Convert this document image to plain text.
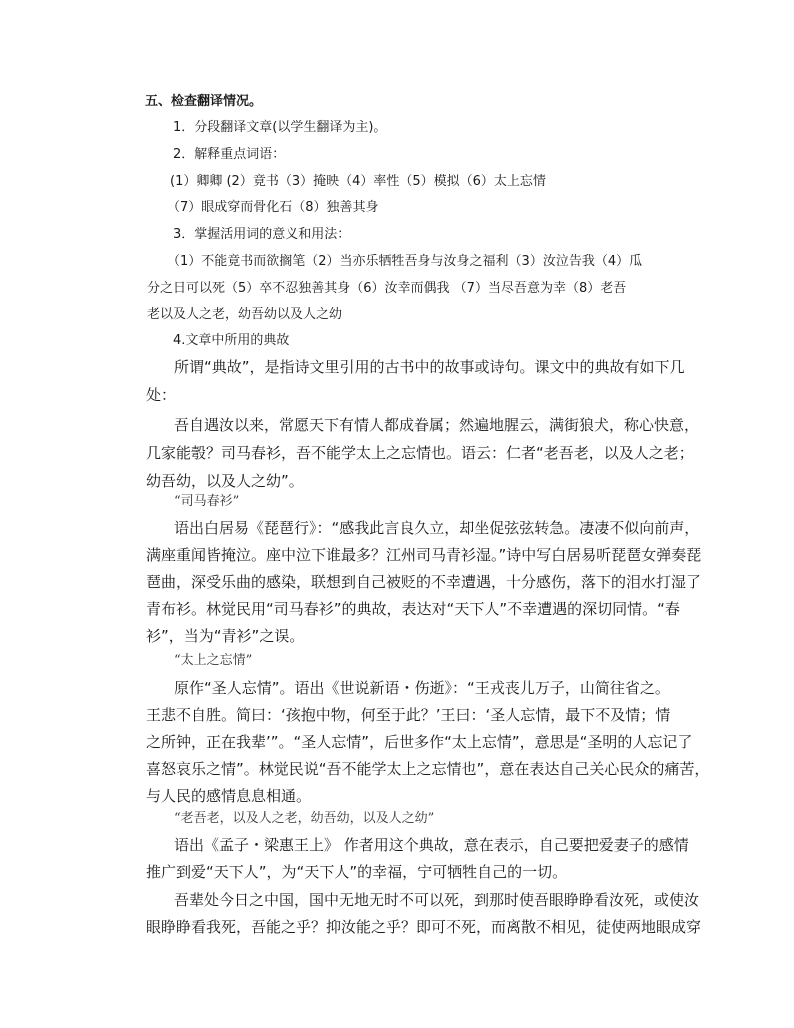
五、检查翻译情况。
1．分段翻译文章(以学生翻译为主)。
2．解释重点词语：
(1）卿卿 (2）竟书（3）掩映（4）率性（5）模拟（6）太上忘情
（7）眼成穿而骨化石（8）独善其身
3．掌握活用词的意义和用法：
（1）不能竟书而欲搁笔（2）当亦乐牺牲吾身与汝身之福利（3）汝泣告我（4）瓜
分之日可以死（5）卒不忍独善其身（6）汝幸而偶我 （7）当尽吾意为幸（8）老吾
老以及人之老，幼吾幼以及人之幼
4.文章中所用的典故
所谓“典故”，是指诗文里引用的古书中的故事或诗句。课文中的典故有如下几
处：
吾自遇汝以来，常愿天下有情人都成眷属；然遍地腥云，满街狼犬，称心快意，
几家能彀？司马春衫，吾不能学太上之忘情也。语云：仁者“老吾老，以及人之老；
幼吾幼，以及人之幼”。
“司马春衫”
语出白居易《琵琶行》：“感我此言良久立，却坐促弦弦转急。凄凄不似向前声，
满座重闻皆掩泣。座中泣下谁最多？江州司马青衫湿。”诗中写白居易听琵琶女弹奏琵
琶曲，深受乐曲的感染，联想到自己被贬的不幸遭遇，十分感伤，落下的泪水打湿了
青布衫。林觉民用“司马春衫”的典故，表达对“天下人”不幸遭遇的深切同情。“春
衫”，当为“青衫”之误。
“太上之忘情”
原作“圣人忘情”。语出《世说新语・伤逝》：“王戎丧儿万子，山简往省之。
王悲不自胜。简曰：‘孩抱中物，何至于此？’王曰：‘圣人忘情，最下不及情；情
之所钟，正在我辈’”。“圣人忘情”，后世多作“太上忘情”，意思是“圣明的人忘记了
喜怒哀乐之情”。林觉民说“吾不能学太上之忘情也”，意在表达自己关心民众的痛苦，
与人民的感情息息相通。
“老吾老，以及人之老，幼吾幼，以及人之幼”
语出《孟子・梁惠王上》 作者用这个典故，意在表示，自己要把爱妻子的感情
推广到爱“天下人”，为“天下人”的幸福，宁可牺牲自己的一切。
吾辈处今日之中国，国中无地无时不可以死，到那时使吾眼睁睁看汝死，或使汝
眼睁睁看我死，吾能之乎？抑汝能之乎？即可不死，而离散不相见，徒使两地眼成穿
